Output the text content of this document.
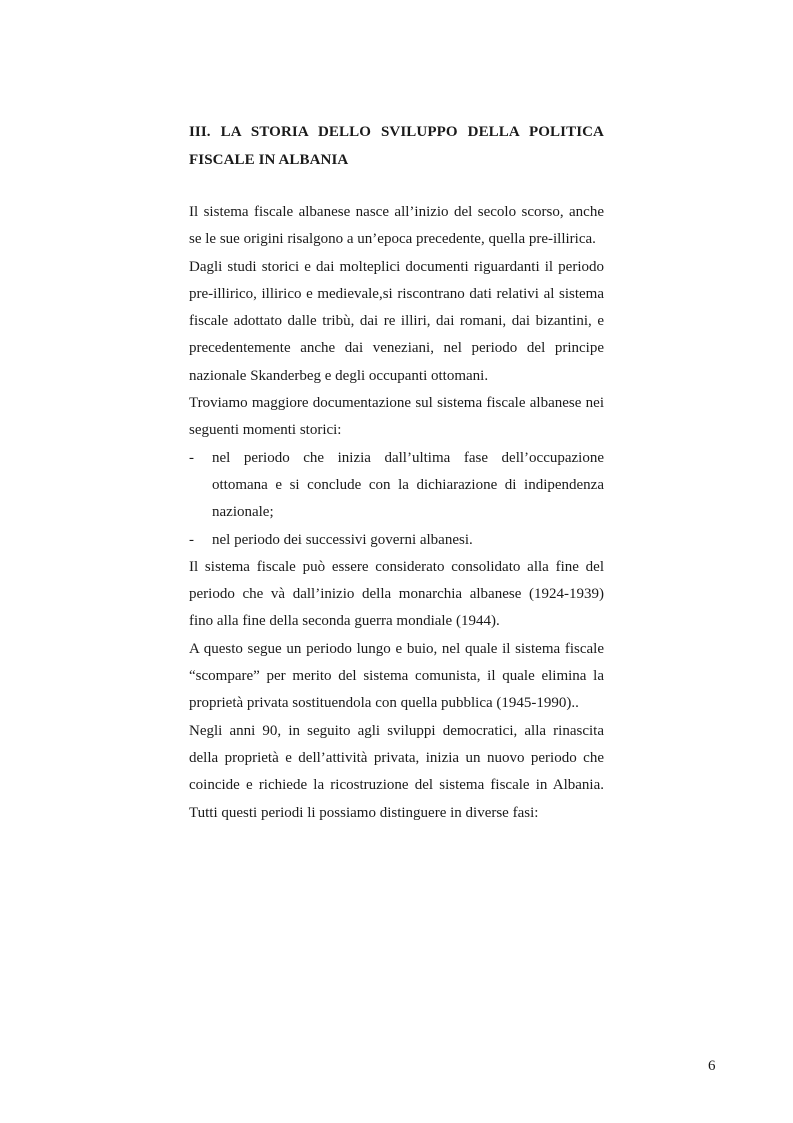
III. LA STORIA DELLO SVILUPPO DELLA POLITICA FISCALE IN ALBANIA

Il sistema fiscale albanese nasce all’inizio del secolo scorso, anche se le sue origini risalgono a un’epoca precedente, quella pre-illirica.

Dagli studi storici e dai molteplici documenti riguardanti il periodo pre-illirico, illirico e medievale,si riscontrano dati relativi al sistema fiscale adottato dalle tribù, dai re illiri, dai romani, dai bizantini, e precedentemente anche dai veneziani, nel periodo del principe nazionale Skanderbeg e degli occupanti ottomani.

Troviamo maggiore documentazione sul sistema fiscale albanese nei seguenti momenti storici:

- nel periodo che inizia dall’ultima fase dell’occupazione ottomana e si conclude con la dichiarazione di indipendenza nazionale;
- nel periodo dei successivi governi albanesi.

Il sistema fiscale può essere considerato consolidato alla fine del periodo che và dall’inizio della monarchia albanese (1924-1939) fino alla fine della seconda guerra mondiale (1944).

A questo segue un periodo lungo e buio, nel quale il sistema fiscale “scompare” per merito del sistema comunista, il quale elimina la proprietà privata sostituendola con quella pubblica (1945-1990)..

Negli anni 90, in seguito agli sviluppi democratici, alla rinascita della proprietà e dell’attività privata, inizia un nuovo periodo che coincide e richiede la ricostruzione del sistema fiscale in Albania. Tutti questi periodi li possiamo distinguere in diverse fasi:

6
